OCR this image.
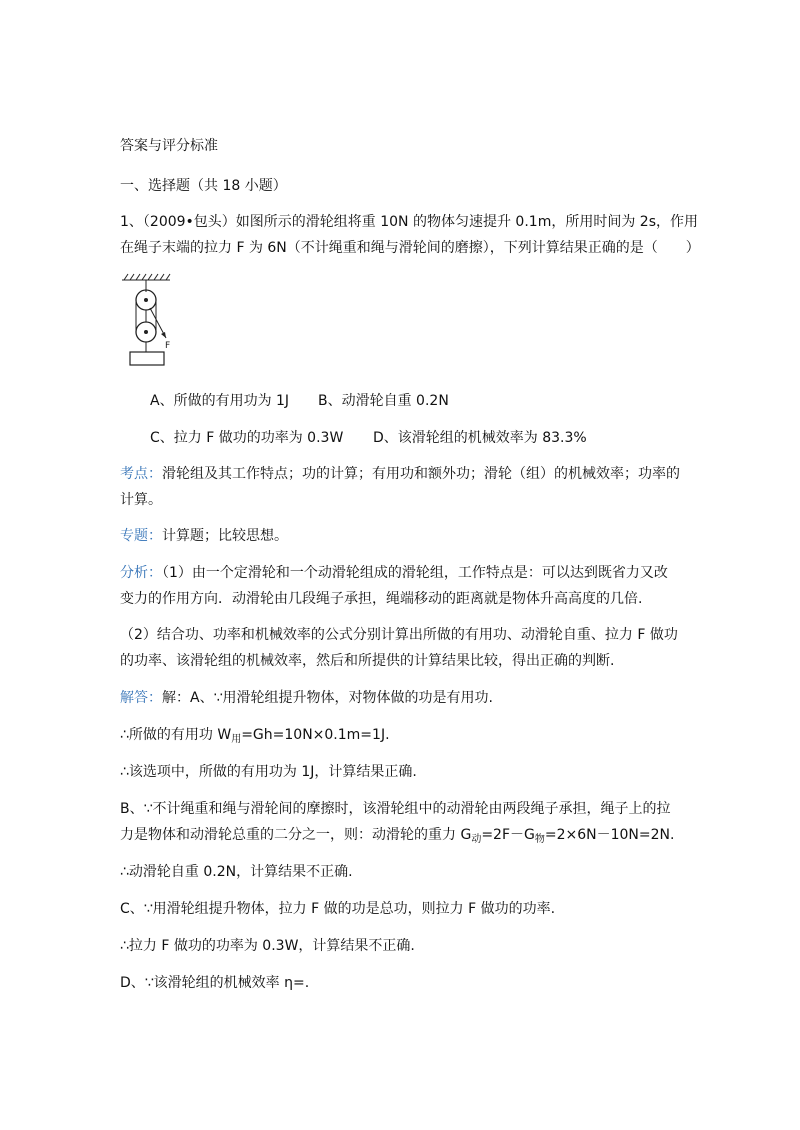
答案与评分标准
一、选择题（共 18 小题）
1、（2009•包头）如图所示的滑轮组将重 10N 的物体匀速提升 0.1m，所用时间为 2s，作用
在绳子末端的拉力 F 为 6N（不计绳重和绳与滑轮间的磨擦），下列计算结果正确的是（　　）
F
A、所做的有用功为 1J B、动滑轮自重 0.2N
C、拉力 F 做功的功率为 0.3W D、该滑轮组的机械效率为 83.3%
考点：滑轮组及其工作特点；功的计算；有用功和额外功；滑轮（组）的机械效率；功率的
计算。
专题：计算题；比较思想。
分析：（1）由一个定滑轮和一个动滑轮组成的滑轮组，工作特点是：可以达到既省力又改
变力的作用方向．动滑轮由几段绳子承担，绳端移动的距离就是物体升高高度的几倍.
（2）结合功、功率和机械效率的公式分别计算出所做的有用功、动滑轮自重、拉力 F 做功
的功率、该滑轮组的机械效率，然后和所提供的计算结果比较，得出正确的判断.
解答：解：A、∵用滑轮组提升物体，对物体做的功是有用功.
∴所做的有用功 $W_用=Gh=10N\times 0.1m=1J$.
∴该选项中，所做的有用功为 1J，计算结果正确.
B、∵不计绳重和绳与滑轮间的摩擦时，该滑轮组中的动滑轮由两段绳子承担，绳子上的拉
力是物体和动滑轮总重的二分之一，则：动滑轮的重力 $G_动=2F-G_物=2\times 6N-10N=2N$.
∴动滑轮自重 0.2N，计算结果不正确.
C、∵用滑轮组提升物体，拉力 F 做的功是总功，则拉力 F 做功的功率.
∴拉力 F 做功的功率为 0.3W，计算结果不正确.
D、∵该滑轮组的机械效率 η=.
